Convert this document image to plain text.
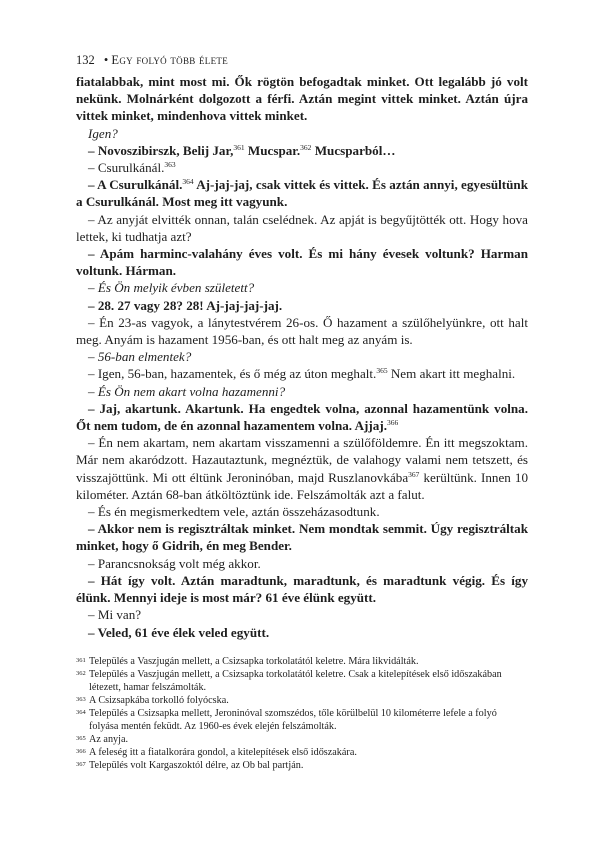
132 • Egy folyó több élete

fiatalabbak, mint most mi. Ők rögtön befogadtak minket. Ott legalább jó volt nekünk. Molnárként dolgozott a férfi. Aztán megint vittek minket. Aztán újra vittek minket, mindenhova vittek minket.

Igen?

– Novoszibirszk, Belij Jar,$^{361}$ Mucspar.$^{362}$ Mucsparból…

– Csurulkánál.$^{363}$

– A Csurulkánál.$^{364}$ Aj-jaj-jaj, csak vittek és vittek. És aztán annyi, egyesültünk a Csurulkánál. Most meg itt vagyunk.

– Az anyját elvitték onnan, talán cselédnek. Az apját is begyűjtötték ott. Hogy hova lettek, ki tudhatja azt?

– Apám harminc-valahány éves volt. És mi hány évesek voltunk? Harman voltunk. Hárman.

– És Ön melyik évben született?

– 28. 27 vagy 28? 28! Aj-jaj-jaj-jaj.

– Én 23-as vagyok, a lánytestvérem 26-os. Ő hazament a szülőhelyünkre, ott halt meg. Anyám is hazament 1956-ban, és ott halt meg az anyám is.

– 56-ban elmentek?

– Igen, 56-ban, hazamentek, és ő még az úton meghalt.$^{365}$ Nem akart itt meghalni.

– És Ön nem akart volna hazamenni?

– Jaj, akartunk. Akartunk. Ha engedtek volna, azonnal hazamentünk volna. Őt nem tudom, de én azonnal hazamentem volna. Ajjaj.$^{366}$

– Én nem akartam, nem akartam visszamenni a szülőföldemre. Én itt megszoktam. Már nem akaródzott. Hazautaztunk, megnéztük, de valahogy valami nem tetszett, és visszajöttünk. Mi ott éltünk Jeroninóban, majd Ruszlanovkába$^{367}$ kerültünk. Innen 10 kilométer. Aztán 68-ban átköltöztünk ide. Felszámolták azt a falut.

– És én megismerkedtem vele, aztán összeházasodtunk.

– Akkor nem is regisztráltak minket. Nem mondtak semmit. Úgy regisztráltak minket, hogy ő Gidrih, én meg Bender.

– Parancsnokság volt még akkor.

– Hát így volt. Aztán maradtunk, maradtunk, és maradtunk végig. És így élünk. Mennyi ideje is most már? 61 éve élünk együtt.

– Mi van?

– Veled, 61 éve élek veled együtt.

361 Település a Vaszjugán mellett, a Csizsapka torkolatától keletre. Mára likvidálták.
362 Település a Vaszjugán mellett, a Csizsapka torkolatától keletre. Csak a kitelepítések első időszakában létezett, hamar felszámolták.
363 A Csizsapkába torkolló folyócska.
364 Település a Csizsapka mellett, Jeroninóval szomszédos, tőle körülbelül 10 kilométerre lefele a folyó folyása mentén feküdt. Az 1960-es évek elején felszámolták.
365 Az anyja.
366 A feleség itt a fiatalkorára gondol, a kitelepítések első időszakára.
367 Település volt Kargaszoktól délre, az Ob bal partján.
